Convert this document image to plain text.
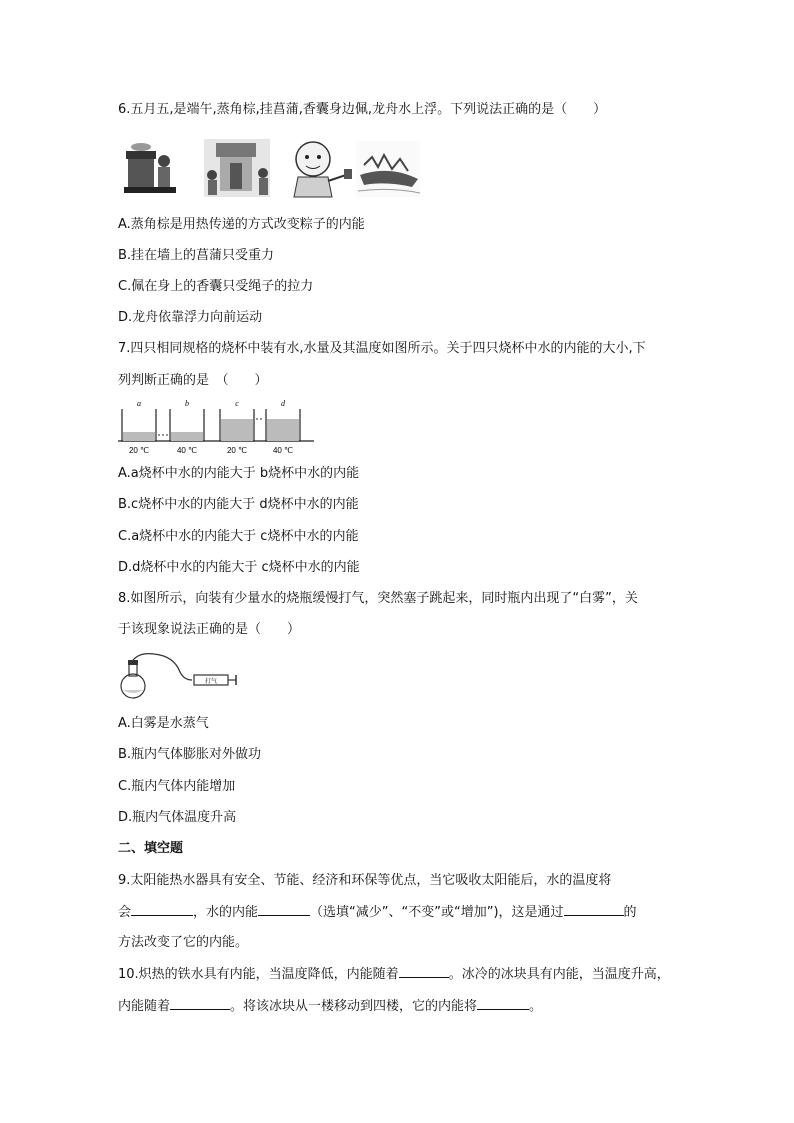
6.五月五,是端午,蒸角棕,挂菖蒲,香囊身边佩,龙舟水上浮。下列说法正确的是（　　）
A.蒸角棕是用热传递的方式改变粽子的内能
B.挂在墙上的菖蒲只受重力
C.佩在身上的香囊只受绳子的拉力
D.龙舟依靠浮力向前运动
7.四只相同规格的烧杯中装有水,水量及其温度如图所示。关于四只烧杯中水的内能的大小,下
列判断正确的是　（　　）
a
20 ℃
b
40 ℃
c
20 ℃
d
40 ℃
A.a烧杯中水的内能大于 b烧杯中水的内能
B.c烧杯中水的内能大于 d烧杯中水的内能
C.a烧杯中水的内能大于 c烧杯中水的内能
D.d烧杯中水的内能大于 c烧杯中水的内能
8.如图所示，向装有少量水的烧瓶缓慢打气，突然塞子跳起来，同时瓶内出现了“白雾”，关
于该现象说法正确的是（　　）
打气
A.白雾是水蒸气
B.瓶内气体膨胀对外做功
C.瓶内气体内能增加
D.瓶内气体温度升高
二、填空题
9.太阳能热水器具有安全、节能、经济和环保等优点，当它吸收太阳能后，水的温度将
会	，水的内能	（选填“减少”、“不变”或“增加”)，这是通过	的
方法改变了它的内能。
10.炽热的铁水具有内能，当温度降低，内能随着	。冰冷的冰块具有内能，当温度升高，
内能随着	。将该冰块从一楼移动到四楼，它的内能将	。
